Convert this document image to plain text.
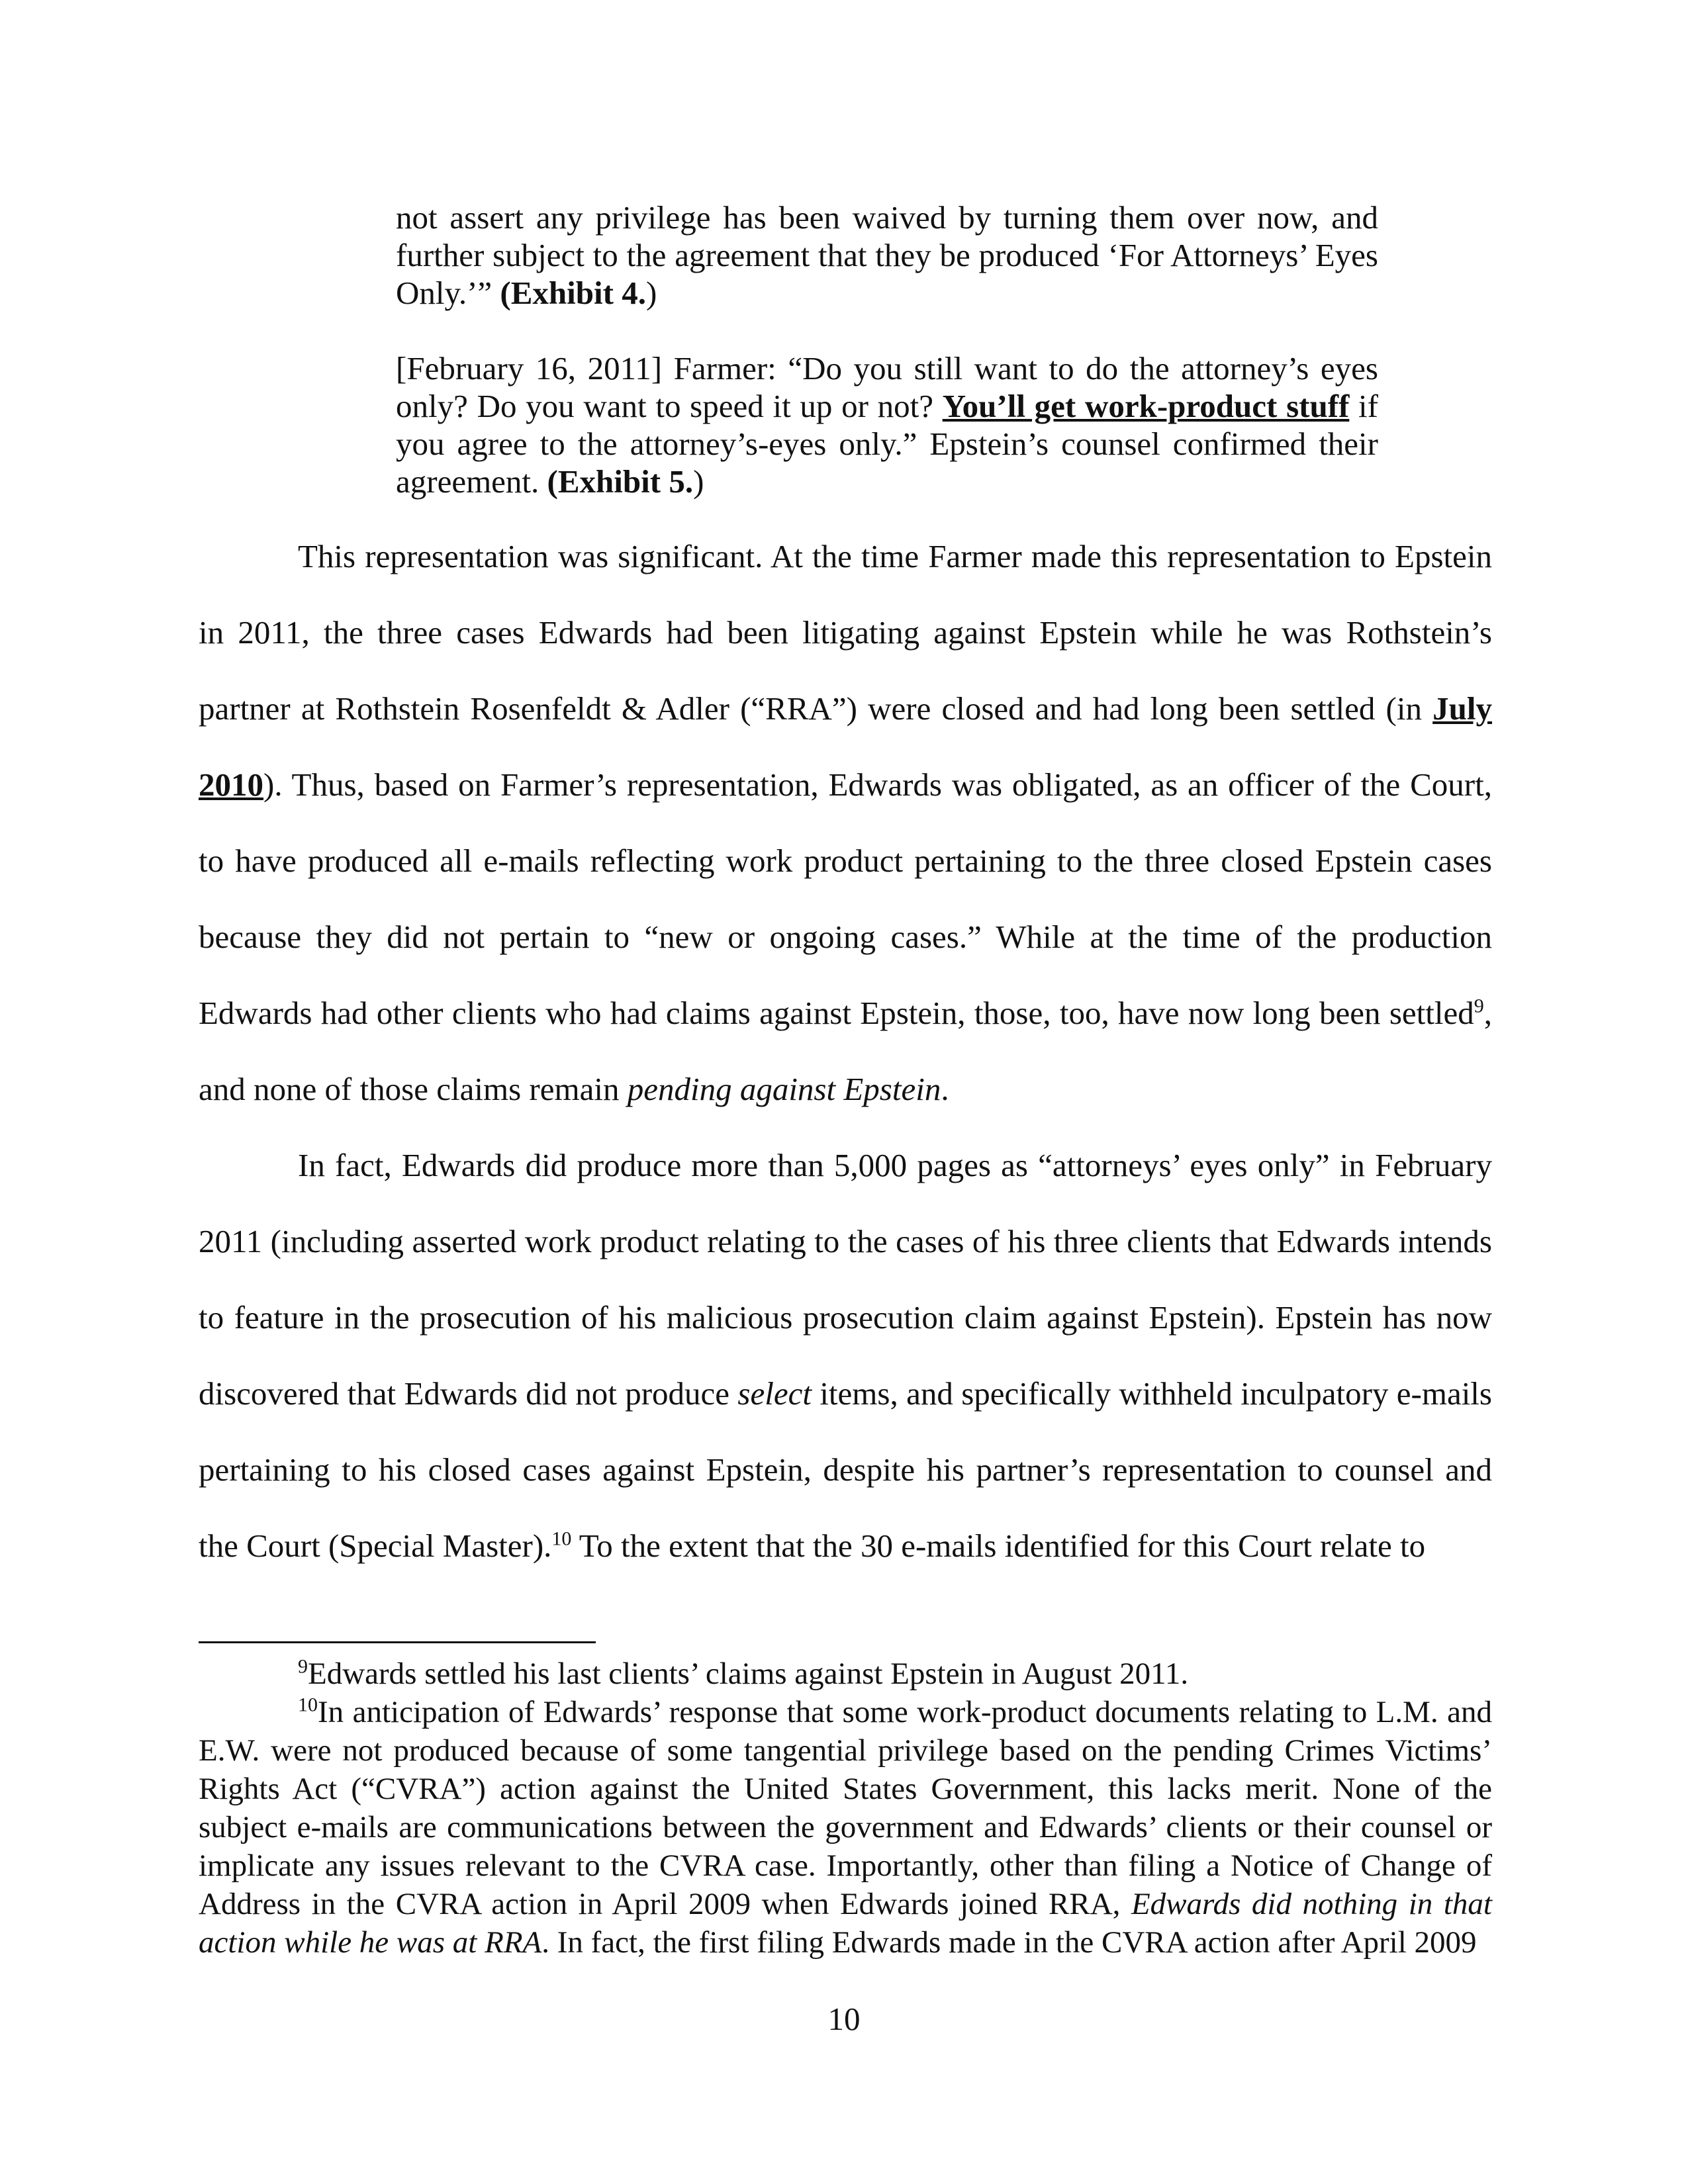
not assert any privilege has been waived by turning them over now, and further subject to the agreement that they be produced ‘For Attorneys’ Eyes Only.’” (Exhibit 4.)

[February 16, 2011] Farmer: “Do you still want to do the attorney’s eyes only? Do you want to speed it up or not? You’ll get work-product stuff if you agree to the attorney’s-eyes only.” Epstein’s counsel confirmed their agreement. (Exhibit 5.)

This representation was significant. At the time Farmer made this representation to Epstein in 2011, the three cases Edwards had been litigating against Epstein while he was Rothstein’s partner at Rothstein Rosenfeldt & Adler (“RRA”) were closed and had long been settled (in July 2010). Thus, based on Farmer’s representation, Edwards was obligated, as an officer of the Court, to have produced all e-mails reflecting work product pertaining to the three closed Epstein cases because they did not pertain to “new or ongoing cases.” While at the time of the production Edwards had other clients who had claims against Epstein, those, too, have now long been settled$^9$, and none of those claims remain pending against Epstein.

In fact, Edwards did produce more than 5,000 pages as “attorneys’ eyes only” in February 2011 (including asserted work product relating to the cases of his three clients that Edwards intends to feature in the prosecution of his malicious prosecution claim against Epstein). Epstein has now discovered that Edwards did not produce select items, and specifically withheld inculpatory e-mails pertaining to his closed cases against Epstein, despite his partner’s representation to counsel and the Court (Special Master).$^{10}$ To the extent that the 30 e-mails identified for this Court relate to

$^9$Edwards settled his last clients’ claims against Epstein in August 2011.

$^{10}$In anticipation of Edwards’ response that some work-product documents relating to L.M. and E.W. were not produced because of some tangential privilege based on the pending Crimes Victims’ Rights Act (“CVRA”) action against the United States Government, this lacks merit. None of the subject e-mails are communications between the government and Edwards’ clients or their counsel or implicate any issues relevant to the CVRA case. Importantly, other than filing a Notice of Change of Address in the CVRA action in April 2009 when Edwards joined RRA, Edwards did nothing in that action while he was at RRA. In fact, the first filing Edwards made in the CVRA action after April 2009

10
